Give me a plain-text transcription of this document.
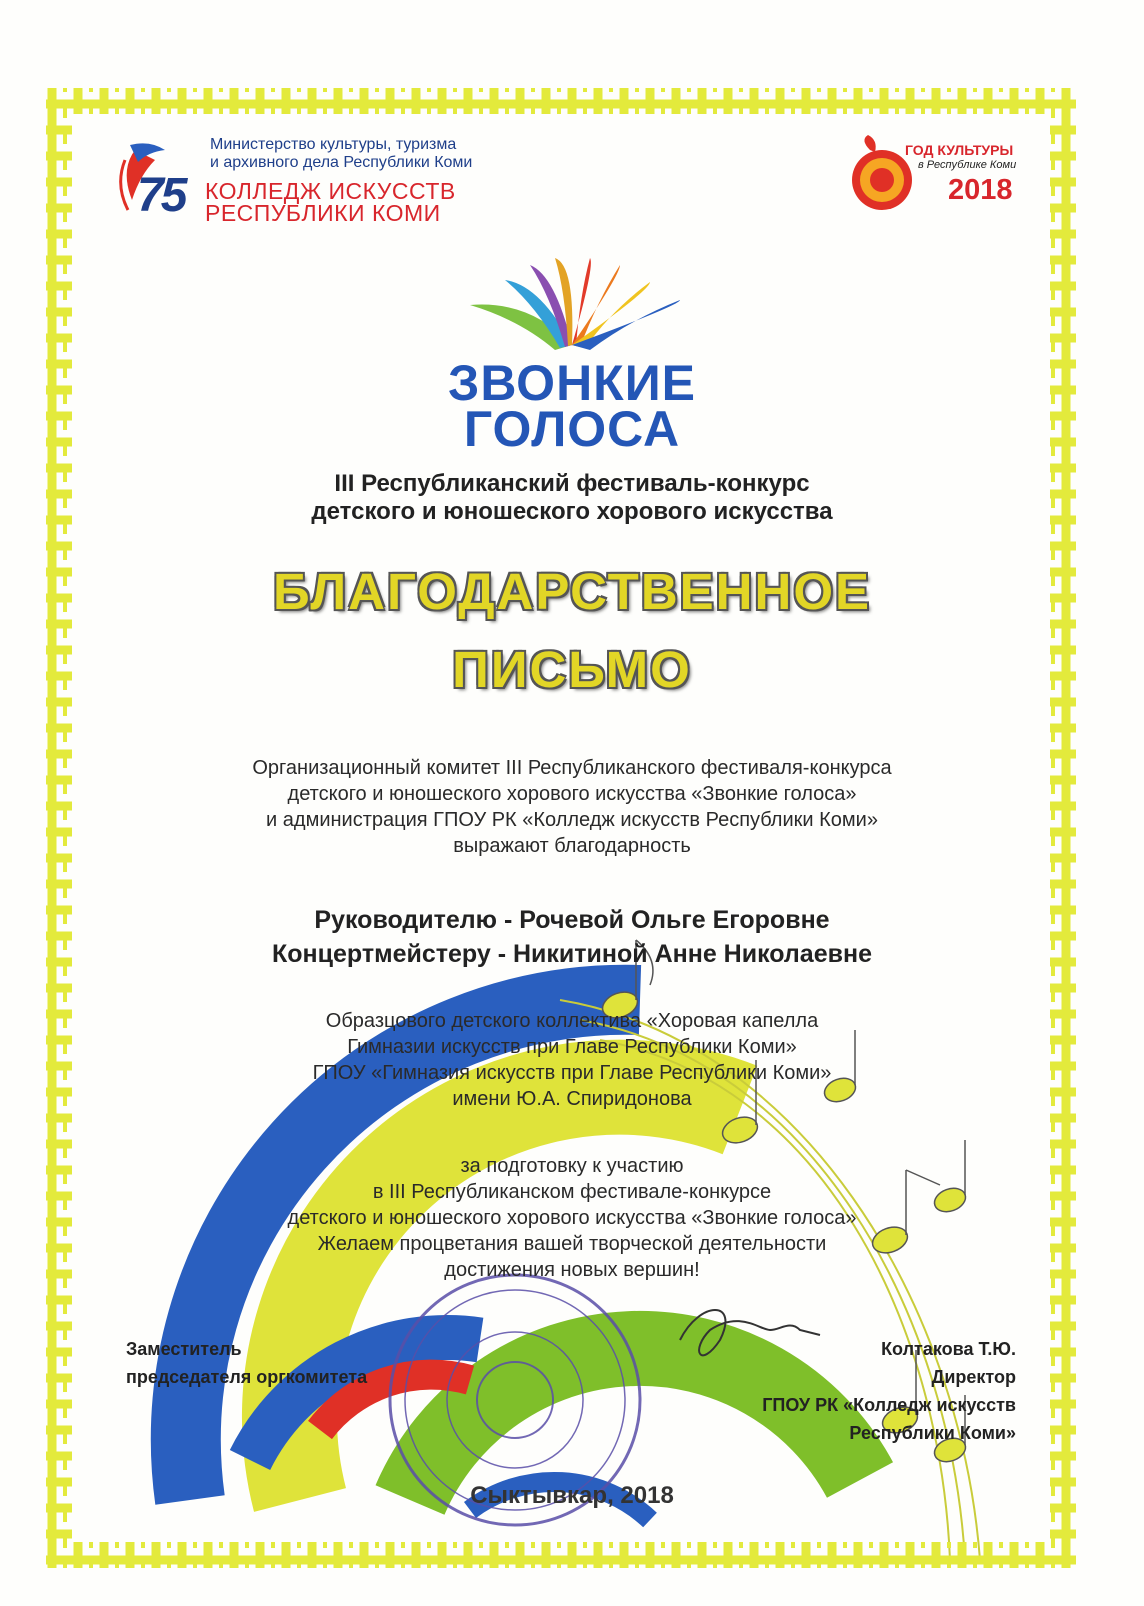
75
Министерство культуры, туризма
и архивного дела Республики Коми
КОЛЛЕДЖ ИСКУССТВ
РЕСПУБЛИКИ КОМИ
ГОД КУЛЬТУРЫ
в Республике Коми
2018
ЗВОНКИЕ
ГОЛОСА
III Республиканский фестиваль-конкурс
детского и юношеского хорового искусства
БЛАГОДАРСТВЕННОЕ
ПИСЬМО
Организационный комитет III Республиканского фестиваля-конкурса
детского и юношеского хорового искусства «Звонкие голоса»
и администрация ГПОУ РК «Колледж искусств Республики Коми»
выражают благодарность
Руководителю - Рочевой Ольге Егоровне
Концертмейстеру - Никитиной Анне Николаевне
Образцового детского коллектива «Хоровая капелла
Гимназии искусств при Главе Республики Коми»
ГПОУ «Гимназия искусств при Главе Республики Коми»
имени Ю.А. Спиридонова
за подготовку к участию
в III Республиканском фестивале-конкурсе
детского и юношеского хорового искусства «Звонкие голоса»
Желаем процветания вашей творческой деятельности
достижения новых вершин!
Заместитель
председателя оргкомитета
Колтакова Т.Ю.
Директор
ГПОУ РК «Колледж искусств
Республики Коми»
Сыктывкар, 2018
